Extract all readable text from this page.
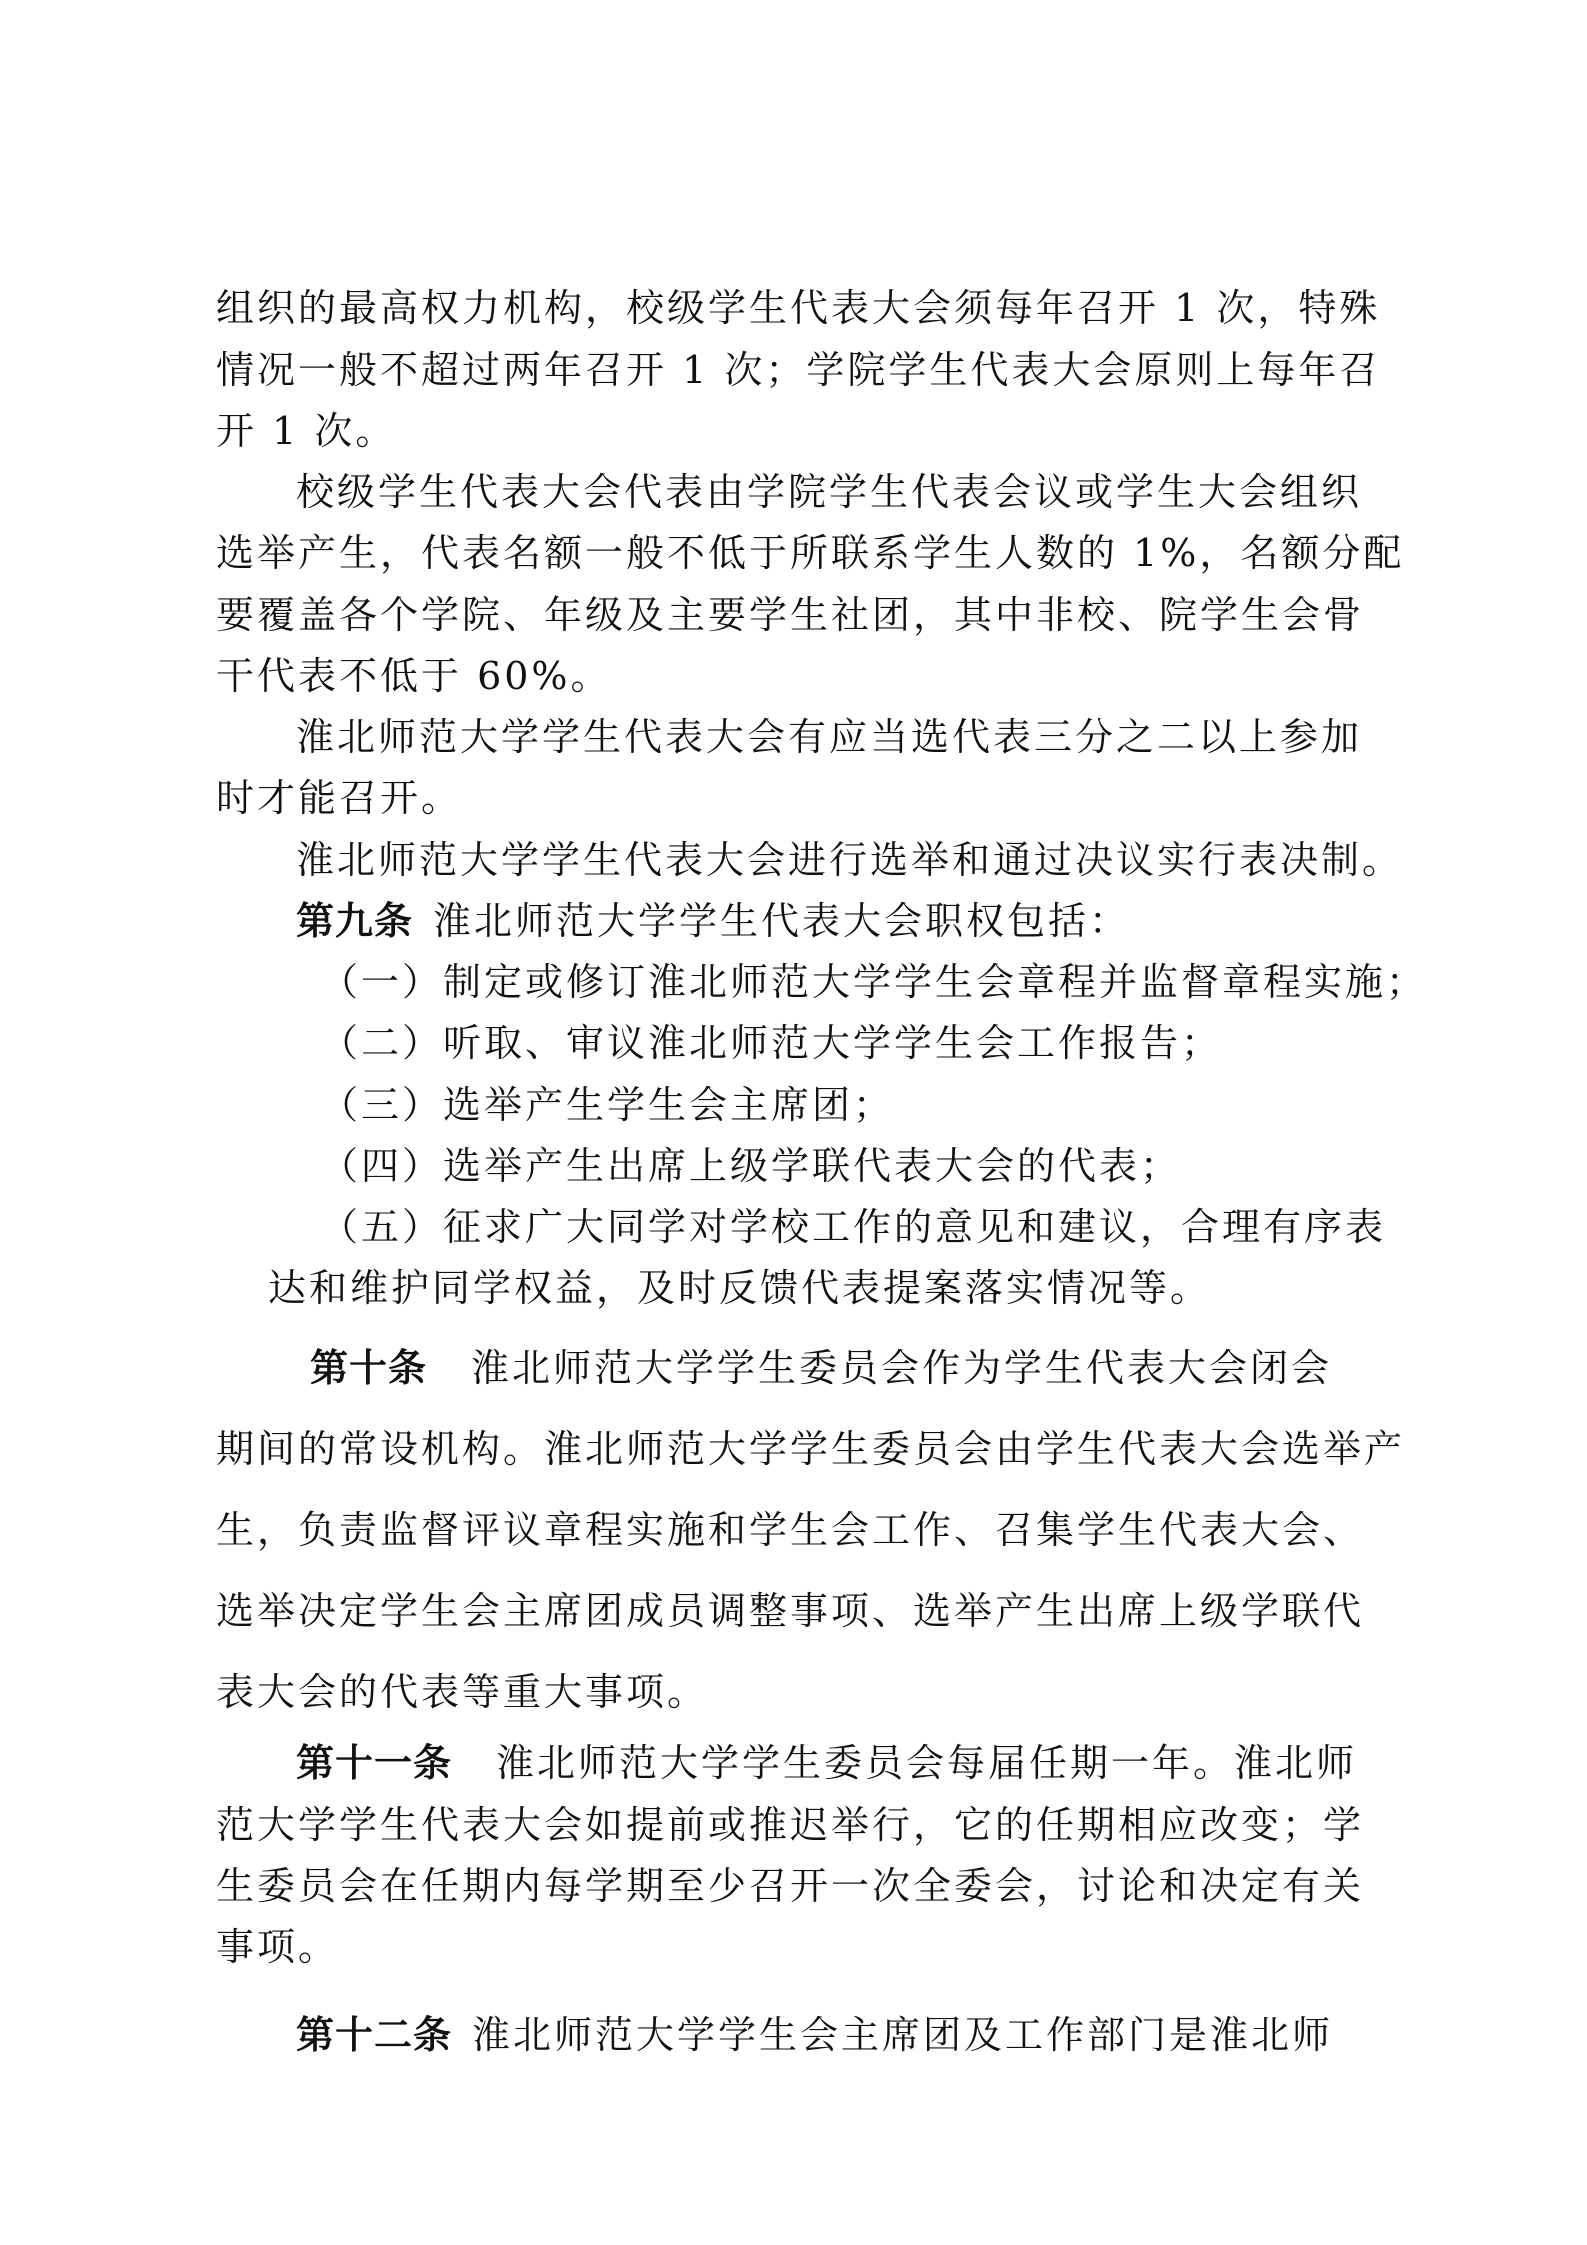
组织的最高权力机构，校级学生代表大会须每年召开 1 次，特殊
情况一般不超过两年召开 1 次；学院学生代表大会原则上每年召
开 1 次。
校级学生代表大会代表由学院学生代表会议或学生大会组织
选举产生，代表名额一般不低于所联系学生人数的 1%，名额分配
要覆盖各个学院、年级及主要学生社团，其中非校、院学生会骨
干代表不低于 60%。
淮北师范大学学生代表大会有应当选代表三分之二以上参加
时才能召开。
淮北师范大学学生代表大会进行选举和通过决议实行表决制。
第九条 淮北师范大学学生代表大会职权包括：
（一）制定或修订淮北师范大学学生会章程并监督章程实施；
（二）听取、审议淮北师范大学学生会工作报告；
（三）选举产生学生会主席团；
（四）选举产生出席上级学联代表大会的代表；
（五）征求广大同学对学校工作的意见和建议，合理有序表
达和维护同学权益，及时反馈代表提案落实情况等。
第十条 淮北师范大学学生委员会作为学生代表大会闭会
期间的常设机构。淮北师范大学学生委员会由学生代表大会选举产
生，负责监督评议章程实施和学生会工作、召集学生代表大会、
选举决定学生会主席团成员调整事项、选举产生出席上级学联代
表大会的代表等重大事项。
第十一条 淮北师范大学学生委员会每届任期一年。淮北师
范大学学生代表大会如提前或推迟举行，它的任期相应改变；学
生委员会在任期内每学期至少召开一次全委会，讨论和决定有关
事项。
第十二条 淮北师范大学学生会主席团及工作部门是淮北师
